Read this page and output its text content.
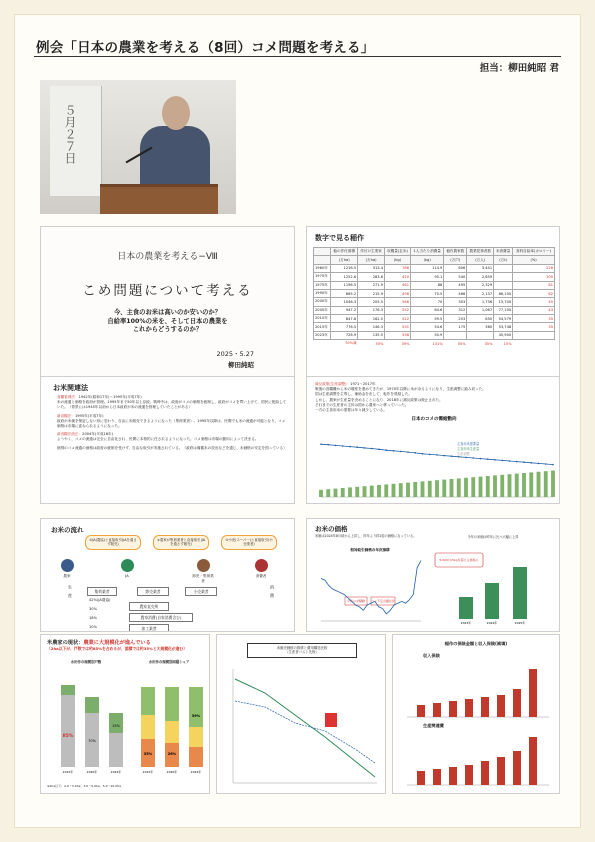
例会「日本の農業を考える（8回）コメ問題を考える」
担当：柳田純昭 君
５月２７日
日本の農業を考える−Ⅷ
こめ問題について考える
今、主食のお米は高いのか安いのか？
自給率100%の米を、そして日本の農業を
これからどうするのか？
2025・5.27
柳田純昭
数字で見る稲作
	稲の作付面積	作付け主業家	収穫量(玄米)	1人当たり消費量	稲作農家数	農業従事者数	米消費量	食料自給率(カロリー)
	(万ha)	(万ha)	(kg)	(kg)	(万戸)	(万人)	(万t)	(%)
1960年	1216.5	313.4	786	114.9	606	3,441		228
1970年	1252.6	283.6	420	95.1	540	2,659		105
1975年	1196.5	271.9	461	88	495	2,329		81
1990年	865.2	215.9	498	70.5	466	2,137	86,100	62
2000年	1046.3	205.5	566	70	303	1,736	15,700	45
2005年	947.2	176.3	552	64.6	312	1,067	77,100	43
2010年	847.8	162.5	522	59.5	253	650	54,579	35
2015年	776.5	146.3	531	54.6	175	360	53,748	35
2023年	726.9	135.5	536	50.9			45,900	
	70%減	55%	39%	131%	50%	35%	10%	
お米関連法

食糧管理法：1942年(昭和17年)〜1995年(平成7年)
米の流通と価格を政府が管理。1995年まで50年以上存続。戦時中は、政府がコメの価格を統制し、政府がコメを買い上げて、国民に配給していた。（背景には1945年以前から日本政府が米の流通を管理していたことがある）

新食糧法：1995年(平成7年)
政府が米価を保証しない形に変わり、自由に米販売できるようになった（集荷業者）。1995年以降は、民間でも米の流通が可能となり、コメ価格は市場に委ねられるようになった。

新食糧法改正：2004年(平成16年)
ようやく、コメの流通は完全に自由化され、民間に本格的に任されるようになった。コメ価格は市場の動向によって決まる。

個別のコメ流通の価格は政府の統制を受けず、自由な取引が実施されている。（政府は備蓄米の放出などを通じ、米価格の安定を図っている）

減反政策(生産調整)：1971〜2017年
戦後の食糧難から米の増産を進めてきたが、1970年以降に米が余るようになり、生産調整に踏み切った。
国は生産調整を主導し、補助金を出して、転作を奨励した。
しかし、農家が生産量を決めることになり、2018年に減反政策は廃止された。
それまでの生産者の主体は国から農家へと移っていった。
一方の主食用米の需要は年々減少している。
日本のコメの需給動向
主食用米需要量
主食用米生産量
生産調整
お米の流れ
①JA(農協)と直接取引(JAを通さず販売)
②農家が集荷業者と直接取引(JAを通さず販売)
③小売(スーパー)と直接取引(小売業者)
農家	JA	卸売・集荷業者
消費者
生産	消費
集荷業者	卸売業者	小売業者
農家直売所
農家消費(自家消費含む)
加工業者
42%(JA農協)
30%
18%
10%
お米の価格
米価は2024年8月頃から上昇し、昨年より約2倍の価格になっている。	今年の米価は昨年に比べ大幅に上昇
相対取引価格の年次推移
令和の米騒動 コメ不足が顕在化
5,000円/5kgを超える価格も
2023年	2024年	2025年
米農家の現状：農業に大規模化が進んでいる
（2ha以下が、戸数では約85%を占めるが、面積では約35%と大規模化が進む）
水田作の規模別戸数	水田作の規模別面積シェア
85%
70%
15%
2015年	2020年	2024年
35%	26%
39%
2015年	2020年	2024年
※2ha以下：2.0〜3.0ha、3.0〜5.0ha、5.0〜10.0ha
米販売価格の推移と費用構造比較
（生産者コスト比較）
稲作の保険金額と収入保険(補填)
収入保険
生産関連費
